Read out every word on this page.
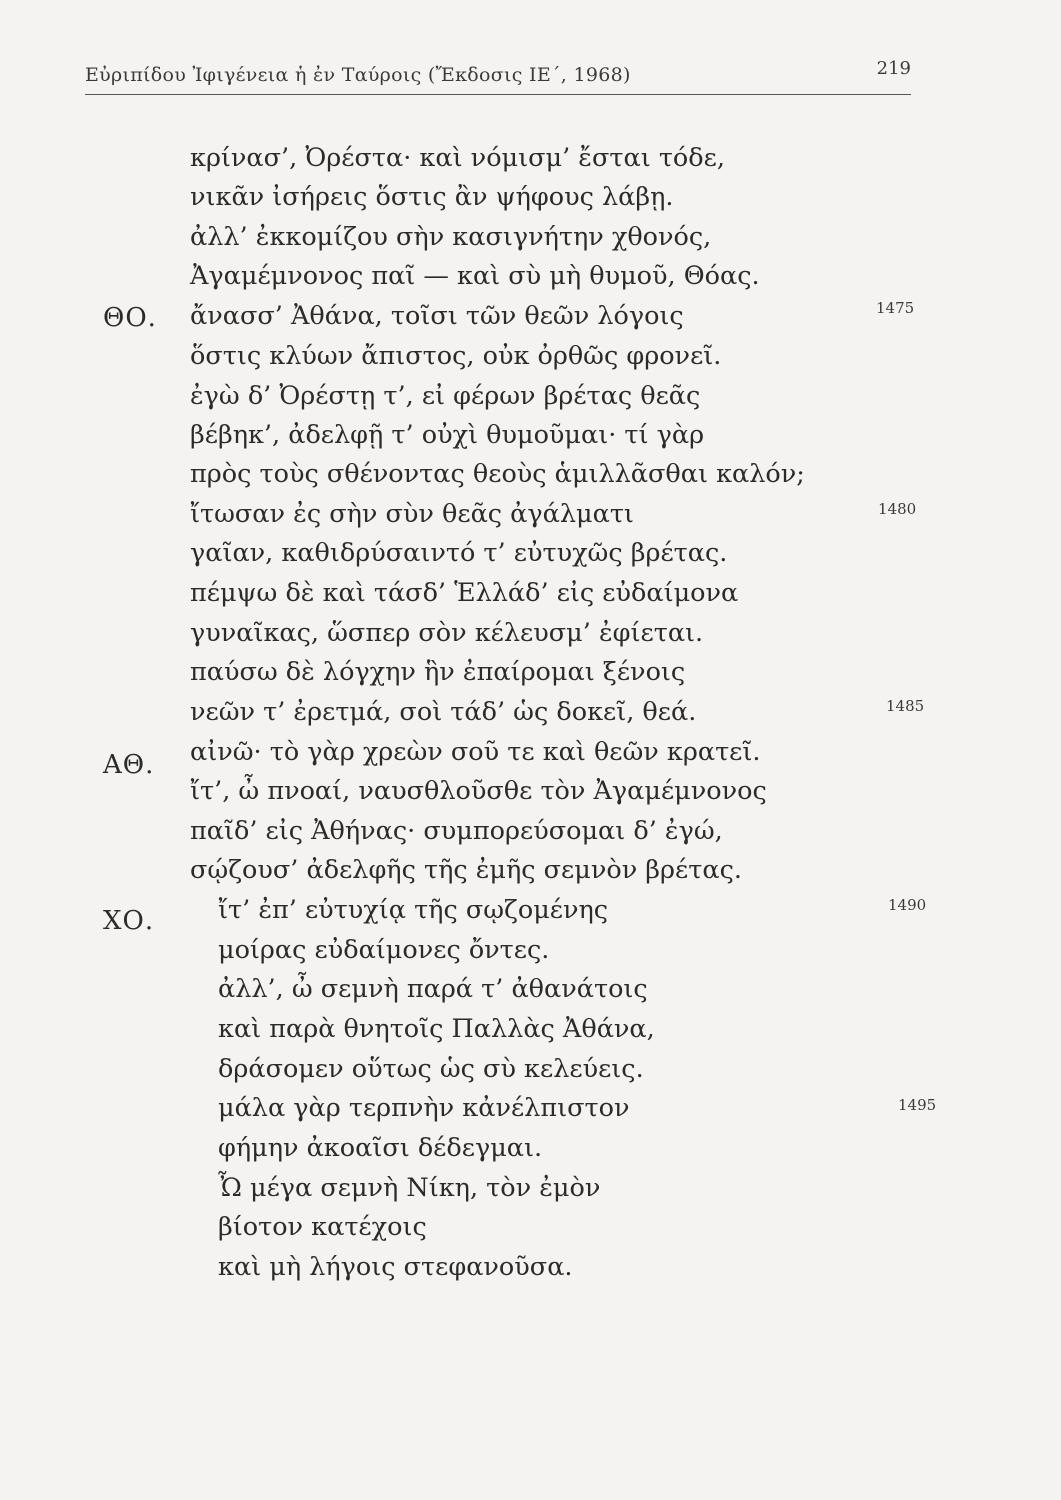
Εὐριπίδου Ἰφιγένεια ἡ ἐν Ταύροις (Ἔκδοσις ΙΕ΄, 1968)	219
κρίνασ’, Ὀρέστα· καὶ νόμισμ’ ἔσται τόδε,
νικᾶν ἰσήρεις ὅστις ἂν ψήφους λάβῃ.
ἀλλ’ ἐκκομίζου σὴν κασιγνήτην χθονός,
Ἀγαμέμνονος παῖ — καὶ σὺ μὴ θυμοῦ, Θόας.
ΘΟ. ἄνασσ’ Ἀθάνα, τοῖσι τῶν θεῶν λόγοις	1475
ὅστις κλύων ἄπιστος, οὐκ ὀρθῶς φρονεῖ.
ἐγὼ δ’ Ὀρέστῃ τ’, εἰ φέρων βρέτας θεᾶς
βέβηκ’, ἀδελφῇ τ’ οὐχὶ θυμοῦμαι· τί γὰρ
πρὸς τοὺς σθένοντας θεοὺς ἁμιλλᾶσθαι καλόν;
ἴτωσαν ἐς σὴν σὺν θεᾶς ἀγάλματι	1480
γαῖαν, καθιδρύσαιντό τ’ εὐτυχῶς βρέτας.
πέμψω δὲ καὶ τάσδ’ Ἑλλάδ’ εἰς εὐδαίμονα
γυναῖκας, ὥσπερ σὸν κέλευσμ’ ἐφίεται.
παύσω δὲ λόγχην ἣν ἐπαίρομαι ξένοις
νεῶν τ’ ἐρετμά, σοὶ τάδ’ ὡς δοκεῖ, θεά.	1485
ΑΘ. αἰνῶ· τὸ γὰρ χρεὼν σοῦ τε καὶ θεῶν κρατεῖ.
ἴτ’, ὦ πνοαί, ναυσθλοῦσθε τὸν Ἀγαμέμνονος
παῖδ’ εἰς Ἀθήνας· συμπορεύσομαι δ’ ἐγώ,
σῴζουσ’ ἀδελφῆς τῆς ἐμῆς σεμνὸν βρέτας.
ΧΟ.	ἴτ’ ἐπ’ εὐτυχίᾳ τῆς σῳζομένης	1490
μοίρας εὐδαίμονες ὄντες.
ἀλλ’, ὦ σεμνὴ παρά τ’ ἀθανάτοις
καὶ παρὰ θνητοῖς Παλλὰς Ἀθάνα,
δράσομεν οὕτως ὡς σὺ κελεύεις.
μάλα γὰρ τερπνὴν κἀνέλπιστον	1495
φήμην ἀκοαῖσι δέδεγμαι.
Ὦ μέγα σεμνὴ Νίκη, τὸν ἐμὸν
βίοτον κατέχοις
καὶ μὴ λήγοις στεφανοῦσα.
